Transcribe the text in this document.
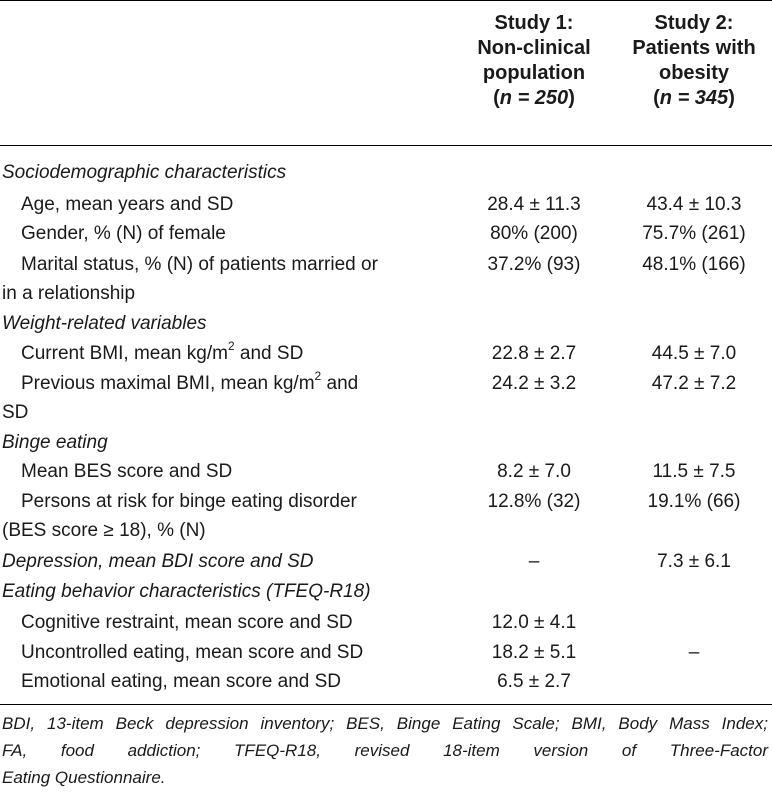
Study 1:
Non-clinical
population
(n = 250)
Study 2:
Patients with
obesity
(n = 345)
Sociodemographic characteristics
Age, mean years and SD	28.4 ± 11.3	43.4 ± 10.3
Gender, % (N) of female	80% (200)	75.7% (261)
Marital status, % (N) of patients married or
in a relationship
37.2% (93)	48.1% (166)
Weight-related variables
Current BMI, mean $kg/m^2$ and SD	22.8 ± 2.7	44.5 ± 7.0
Previous maximal BMI, mean $kg/m^2$ and
SD
24.2 ± 3.2	47.2 ± 7.2
Binge eating
Mean BES score and SD	8.2 ± 7.0	11.5 ± 7.5
Persons at risk for binge eating disorder
(BES score ≥ 18), % (N)
12.8% (32)	19.1% (66)
Depression, mean BDI score and SD	–	7.3 ± 6.1
Eating behavior characteristics (TFEQ-R18)
Cognitive restraint, mean score and SD	12.0 ± 4.1
Uncontrolled eating, mean score and SD	18.2 ± 5.1	–
Emotional eating, mean score and SD	6.5 ± 2.7
BDI, 13-item Beck depression inventory; BES, Binge Eating Scale; BMI, Body Mass Index;
FA, food addiction; TFEQ-R18, revised 18-item version of Three-Factor
Eating Questionnaire.
